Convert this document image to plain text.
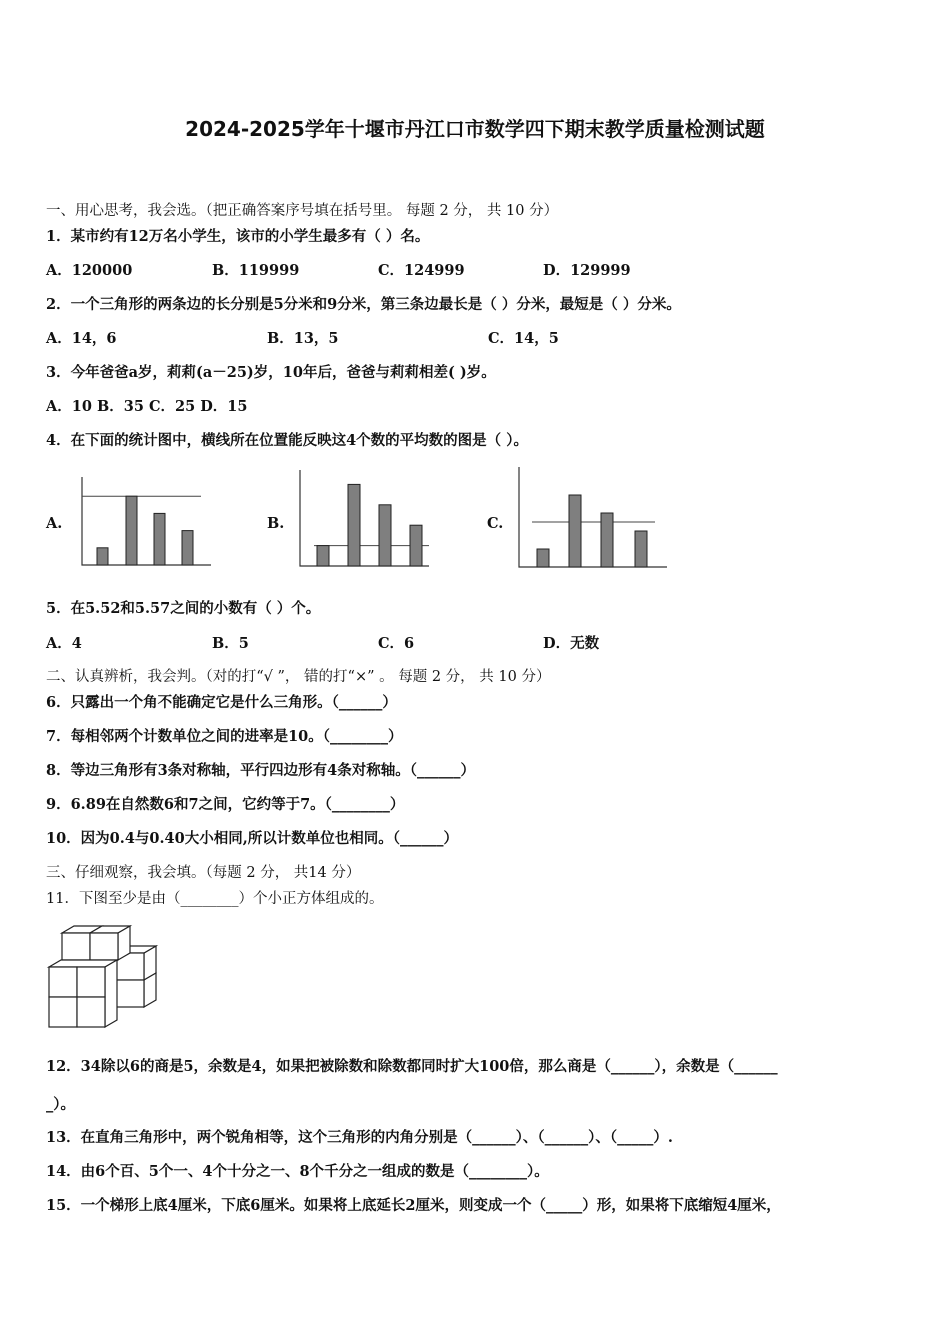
2024-2025学年十堰市丹江口市数学四下期末教学质量检测试题
一、用心思考，我会选。（把正确答案序号填在括号里。 每题 2 分， 共 10 分）
1．某市约有12万名小学生，该市的小学生最多有（ ）名。
A．120000	B．119999	C．124999	D．129999
2．一个三角形的两条边的长分别是5分米和9分米，第三条边最长是（ ）分米，最短是（ ）分米。
A．14，6	B．13，5	C．14，5
3．今年爸爸a岁，莉莉(a－25)岁，10年后，爸爸与莉莉相差( )岁。
A．10 B．35 C．25 D．15
4．在下面的统计图中，横线所在位置能反映这4个数的平均数的图是（ ）。
A.	B.	C.
5．在5.52和5.57之间的小数有（ ）个。
A．4	B．5	C．6	D．无数
二、认真辨析，我会判。（对的打“√ ”， 错的打“×” 。 每题 2 分， 共 10 分）
6．只露出一个角不能确定它是什么三角形。（______）
7．每相邻两个计数单位之间的进率是10。（________）
8．等边三角形有3条对称轴，平行四边形有4条对称轴。（______）
9．6.89在自然数6和7之间，它约等于7。（________）
10．因为0.4与0.40大小相同,所以计数单位也相同。（______）
三、仔细观察，我会填。（每题 2 分， 共14 分）
11．下图至少是由（________）个小正方体组成的。
12．34除以6的商是5，余数是4，如果把被除数和除数都同时扩大100倍，那么商是（______），余数是（______
_）。
13．在直角三角形中，两个锐角相等，这个三角形的内角分别是（______）、（______）、（_____）.
14．由6个百、5个一、4个十分之一、8个千分之一组成的数是（________）。
15．一个梯形上底4厘米，下底6厘米。如果将上底延长2厘米，则变成一个（_____）形，如果将下底缩短4厘米，
